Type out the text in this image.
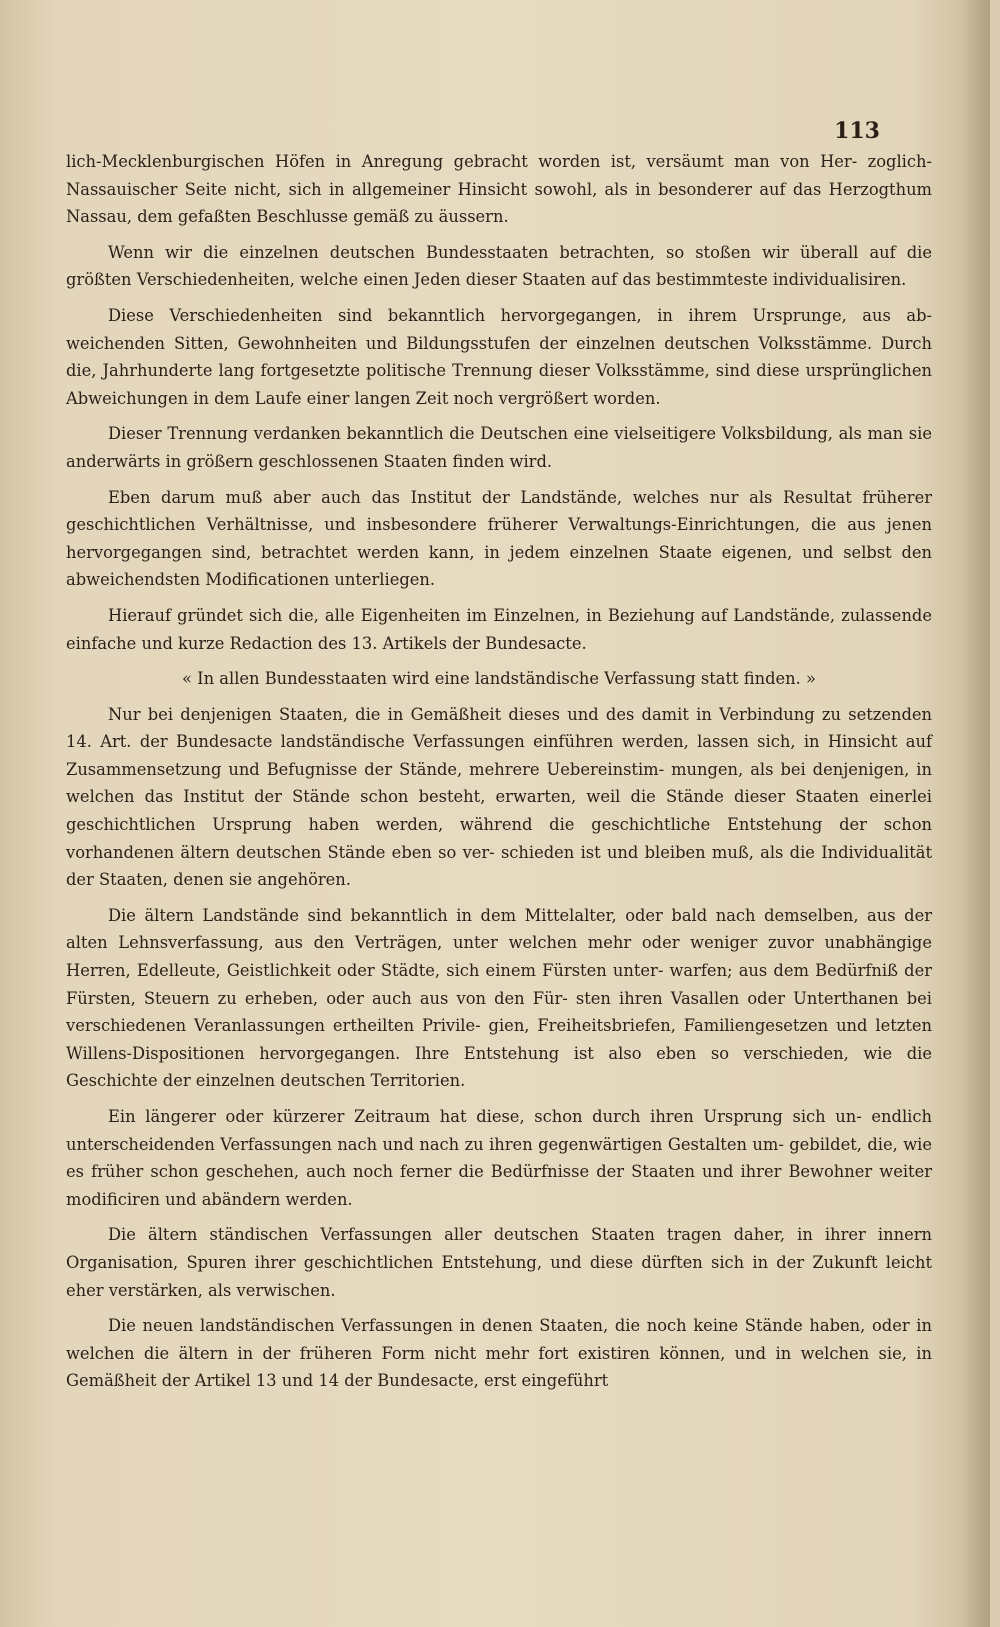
113

lich-Mecklenburgischen Höfen in Anregung gebracht worden ist, versäumt man von Her- zoglich-Nassauischer Seite nicht, sich in allgemeiner Hinsicht sowohl, als in besonderer auf das Herzogthum Nassau, dem gefaßten Beschlusse gemäß zu äussern.

Wenn wir die einzelnen deutschen Bundesstaaten betrachten, so stoßen wir überall auf die größten Verschiedenheiten, welche einen Jeden dieser Staaten auf das bestimmteste individualisiren.

Diese Verschiedenheiten sind bekanntlich hervorgegangen, in ihrem Ursprunge, aus ab- weichenden Sitten, Gewohnheiten und Bildungsstufen der einzelnen deutschen Volksstämme. Durch die, Jahrhunderte lang fortgesetzte politische Trennung dieser Volksstämme, sind diese ursprünglichen Abweichungen in dem Laufe einer langen Zeit noch vergrößert worden.

Dieser Trennung verdanken bekanntlich die Deutschen eine vielseitigere Volksbildung, als man sie anderwärts in größern geschlossenen Staaten finden wird.

Eben darum muß aber auch das Institut der Landstände, welches nur als Resultat früherer geschichtlichen Verhältnisse, und insbesondere früherer Verwaltungs-Einrichtungen, die aus jenen hervorgegangen sind, betrachtet werden kann, in jedem einzelnen Staate eigenen, und selbst den abweichendsten Modificationen unterliegen.

Hierauf gründet sich die, alle Eigenheiten im Einzelnen, in Beziehung auf Landstände, zulassende einfache und kurze Redaction des 13. Artikels der Bundesacte.

« In allen Bundesstaaten wird eine landständische Verfassung statt finden. »

Nur bei denjenigen Staaten, die in Gemäßheit dieses und des damit in Verbindung zu setzenden 14. Art. der Bundesacte landständische Verfassungen einführen werden, lassen sich, in Hinsicht auf Zusammensetzung und Befugnisse der Stände, mehrere Uebereinstim- mungen, als bei denjenigen, in welchen das Institut der Stände schon besteht, erwarten, weil die Stände dieser Staaten einerlei geschichtlichen Ursprung haben werden, während die geschichtliche Entstehung der schon vorhandenen ältern deutschen Stände eben so ver- schieden ist und bleiben muß, als die Individualität der Staaten, denen sie angehören.

Die ältern Landstände sind bekanntlich in dem Mittelalter, oder bald nach demselben, aus der alten Lehnsverfassung, aus den Verträgen, unter welchen mehr oder weniger zuvor unabhängige Herren, Edelleute, Geistlichkeit oder Städte, sich einem Fürsten unter- warfen; aus dem Bedürfniß der Fürsten, Steuern zu erheben, oder auch aus von den Für- sten ihren Vasallen oder Unterthanen bei verschiedenen Veranlassungen ertheilten Privile- gien, Freiheitsbriefen, Familiengesetzen und letzten Willens-Dispositionen hervorgegangen. Ihre Entstehung ist also eben so verschieden, wie die Geschichte der einzelnen deutschen Territorien.

Ein längerer oder kürzerer Zeitraum hat diese, schon durch ihren Ursprung sich un- endlich unterscheidenden Verfassungen nach und nach zu ihren gegenwärtigen Gestalten um- gebildet, die, wie es früher schon geschehen, auch noch ferner die Bedürfnisse der Staaten und ihrer Bewohner weiter modificiren und abändern werden.

Die ältern ständischen Verfassungen aller deutschen Staaten tragen daher, in ihrer innern Organisation, Spuren ihrer geschichtlichen Entstehung, und diese dürften sich in der Zukunft leicht eher verstärken, als verwischen.

Die neuen landständischen Verfassungen in denen Staaten, die noch keine Stände haben, oder in welchen die ältern in der früheren Form nicht mehr fort existiren können, und in welchen sie, in Gemäßheit der Artikel 13 und 14 der Bundesacte, erst eingeführt
